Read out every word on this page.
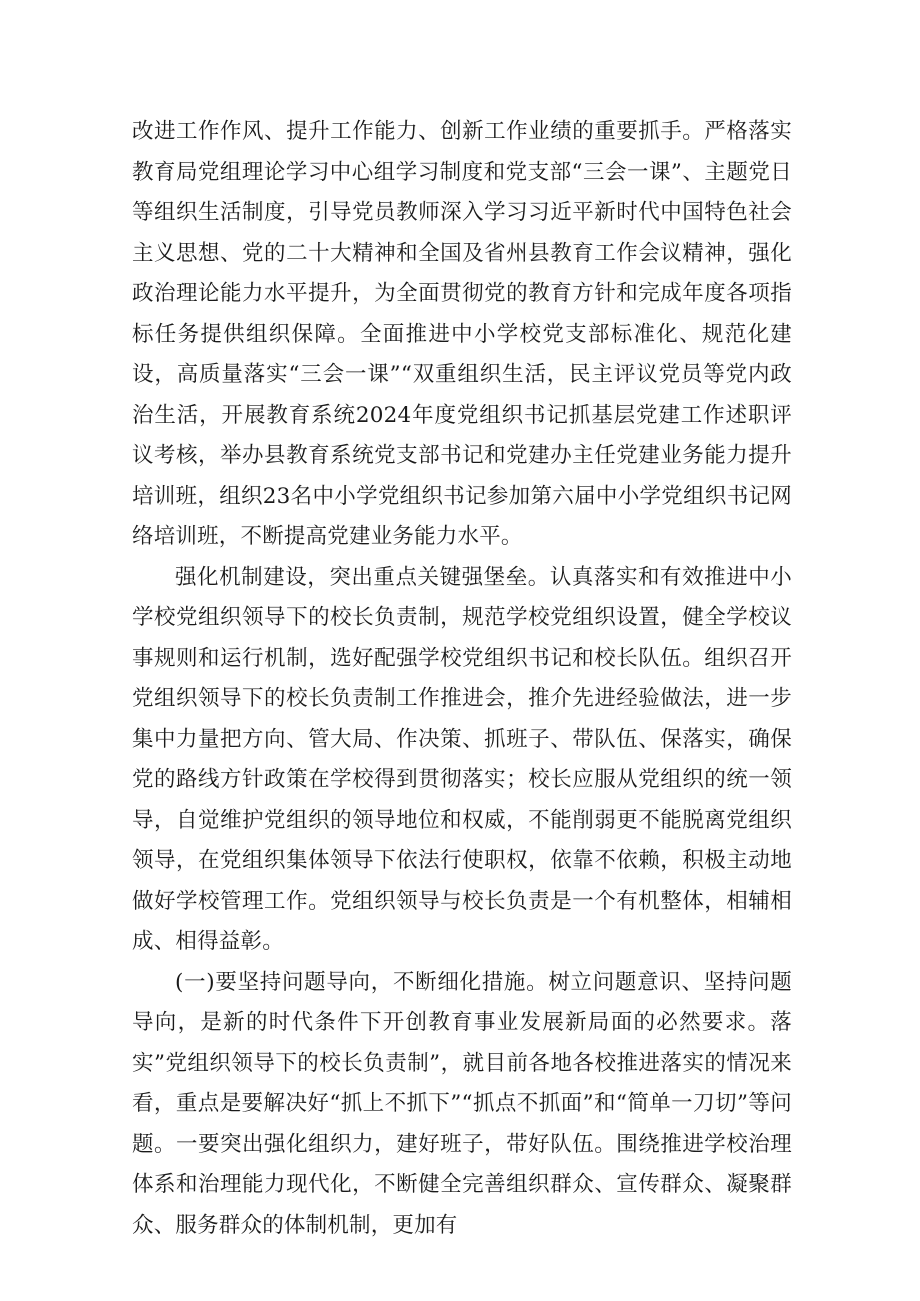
改进工作作风、提升工作能力、创新工作业绩的重要抓手。严格落实教育局党组理论学习中心组学习制度和党支部“三会一课”、主题党日等组织生活制度，引导党员教师深入学习习近平新时代中国特色社会主义思想、党的二十大精神和全国及省州县教育工作会议精神，强化政治理论能力水平提升，为全面贯彻党的教育方针和完成年度各项指标任务提供组织保障。全面推进中小学校党支部标准化、规范化建设，高质量落实“三会一课”“双重组织生活，民主评议党员等党内政治生活，开展教育系统2024年度党组织书记抓基层党建工作述职评议考核，举办县教育系统党支部书记和党建办主任党建业务能力提升培训班，组织23名中小学党组织书记参加第六届中小学党组织书记网络培训班，不断提高党建业务能力水平。

强化机制建设，突出重点关键强堡垒。认真落实和有效推进中小学校党组织领导下的校长负责制，规范学校党组织设置，健全学校议事规则和运行机制，选好配强学校党组织书记和校长队伍。组织召开党组织领导下的校长负责制工作推进会，推介先进经验做法，进一步集中力量把方向、管大局、作决策、抓班子、带队伍、保落实，确保党的路线方针政策在学校得到贯彻落实；校长应服从党组织的统一领导，自觉维护党组织的领导地位和权威，不能削弱更不能脱离党组织领导，在党组织集体领导下依法行使职权，依靠不依赖，积极主动地做好学校管理工作。党组织领导与校长负责是一个有机整体，相辅相成、相得益彰。

(一)要坚持问题导向，不断细化措施。树立问题意识、坚持问题导向，是新的时代条件下开创教育事业发展新局面的必然要求。落实”党组织领导下的校长负责制”，就目前各地各校推进落实的情况来看，重点是要解决好“抓上不抓下”“抓点不抓面”和“简单一刀切”等问题。一要突出强化组织力，建好班子，带好队伍。围绕推进学校治理体系和治理能力现代化，不断健全完善组织群众、宣传群众、凝聚群众、服务群众的体制机制，更加有
